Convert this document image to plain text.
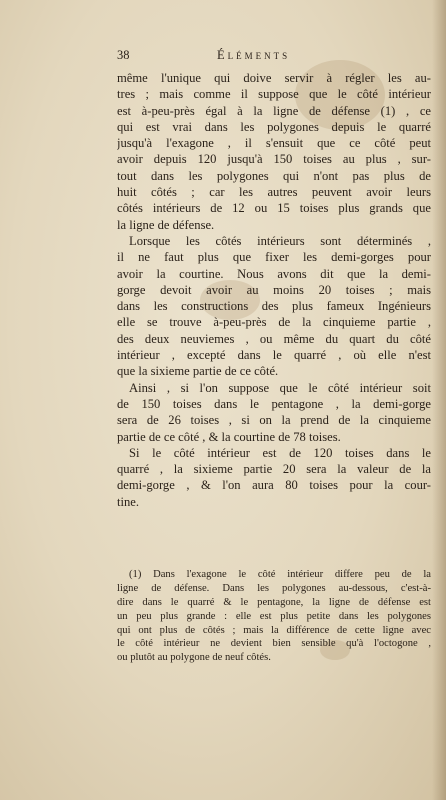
38	Éléments
même l'unique qui doive servir à régler les au-
tres ; mais comme il suppose que le côté intérieur
est à-peu-près égal à la ligne de défense (1) , ce
qui est vrai dans les polygones depuis le quarré
jusqu'à l'exagone , il s'ensuit que ce côté peut
avoir depuis 120 jusqu'à 150 toises au plus , sur-
tout dans les polygones qui n'ont pas plus de
huit côtés ; car les autres peuvent avoir leurs
côtés intérieurs de 12 ou 15 toises plus grands que
la ligne de défense.
Lorsque les côtés intérieurs sont déterminés ,
il ne faut plus que fixer les demi-gorges pour
avoir la courtine. Nous avons dit que la demi-
gorge devoit avoir au moins 20 toises ; mais
dans les constructions des plus fameux Ingénieurs
elle se trouve à-peu-près de la cinquieme partie ,
des deux neuviemes , ou même du quart du côté
intérieur , excepté dans le quarré , où elle n'est
que la sixieme partie de ce côté.
Ainsi , si l'on suppose que le côté intérieur soit
de 150 toises dans le pentagone , la demi-gorge
sera de 26 toises , si on la prend de la cinquieme
partie de ce côté , & la courtine de 78 toises.
Si le côté intérieur est de 120 toises dans le
quarré , la sixieme partie 20 sera la valeur de la
demi-gorge , & l'on aura 80 toises pour la cour-
tine.
(1) Dans l'exagone le côté intérieur differe peu de la
ligne de défense. Dans les polygones au-dessous, c'est-à-
dire dans le quarré & le pentagone, la ligne de défense est
un peu plus grande : elle est plus petite dans les polygones
qui ont plus de côtés ; mais la différence de cette ligne avec
le côté intérieur ne devient bien sensible qu'à l'octogone ,
ou plutôt au polygone de neuf côtés.
